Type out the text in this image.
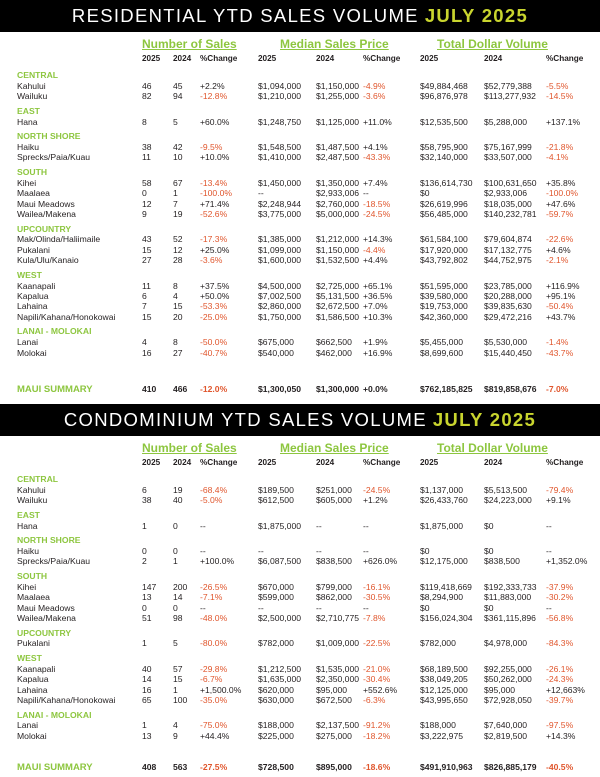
RESIDENTIAL YTD SALES VOLUME JULY 2025
Number of Sales	Median Sales Price	Total Dollar Volume
2025 2024 %Change	2025	2024	%Change 2025	2024	%Change
CENTRAL
Kahului	46 45 +2.2%	$1,094,000 $1,150,000 -4.9%	$49,884,468 $52,779,388 -5.5%
Wailuku	82 94 -12.8%	$1,210,000 $1,255,000 -3.6%	$96,876,978 $113,277,932 -14.5%
EAST
Hana	8	5	+60.0%	$1,248,750 $1,125,000 +11.0%	$12,535,500 $5,288,000 +137.1%
NORTH SHORE
Haiku	38 42 -9.5%	$1,548,500 $1,487,500 +4.1%	$58,795,900 $75,167,999 -21.8%
Sprecks/Paia/Kuau	11	10 +10.0%	$1,410,000 $2,487,500 -43.3%	$32,140,000 $33,507,000 -4.1%
SOUTH
Kihei	58 67 -13.4%	$1,450,000 $1,350,000 +7.4%	$136,614,730 $100,631,650 +35.8%
Maalaea	0	1	-100.0%	--	$2,933,006 --	$0	$2,933,006 -100.0%
Maui Meadows	12 7	+71.4%	$2,248,944 $2,760,000 -18.5%	$26,619,996 $18,035,000 +47.6%
Wailea/Makena	9	19 -52.6%	$3,775,000 $5,000,000 -24.5%	$56,485,000 $140,232,781 -59.7%
UPCOUNTRY
Mak/Olinda/Haliimaile	43 52 -17.3%	$1,385,000 $1,212,000 +14.3%	$61,584,100 $79,604,874 -22.6%
Pukalani	15 12 +25.0%	$1,099,000 $1,150,000 -4.4%	$17,920,000 $17,132,775 +4.6%
Kula/Ulu/Kanaio	27 28 -3.6%	$1,600,000 $1,532,500 +4.4%	$43,792,802 $44,752,975 -2.1%
WEST
Kaanapali	11	8	+37.5%	$4,500,000 $2,725,000 +65.1%	$51,595,000 $23,785,000 +116.9%
Kapalua	6	4	+50.0%	$7,002,500 $5,131,500 +36.5%	$39,580,000 $20,288,000 +95.1%
Lahaina	7	15 -53.3%	$2,860,000 $2,672,500 +7.0%	$19,753,000 $39,835,630 -50.4%
Napili/Kahana/Honokowai	15 20 -25.0%	$1,750,000 $1,586,500 +10.3%	$42,360,000 $29,472,216 +43.7%
LANAI - MOLOKAI
Lanai	4	8	-50.0%	$675,000	$662,500 +1.9%	$5,455,000 $5,530,000 -1.4%
Molokai	16 27 -40.7%	$540,000	$462,000 +16.9%	$8,699,600 $15,440,450 -43.7%
MAUI SUMMARY	410 466 -12.0%	$1,300,050 $1,300,000 +0.0%	$762,185,825 $819,858,676 -7.0%
CONDOMINIUM YTD SALES VOLUME JULY 2025
Number of Sales	Median Sales Price	Total Dollar Volume
2025 2024 %Change	2025	2024	%Change 2025	2024	%Change
CENTRAL
Kahului	6	19 -68.4%	$189,500	$251,000 -24.5%	$1,137,000 $5,513,500 -79.4%
Wailuku	38 40 -5.0%	$612,500	$605,000 +1.2%	$26,433,760 $24,223,000 +9.1%
EAST
Hana	1	0	--	$1,875,000 --	--	$1,875,000 $0	--
NORTH SHORE
Haiku	0	0	--	--	--	--	$0	$0	--
Sprecks/Paia/Kuau	2	1	+100.0%	$6,087,500 $838,500 +626.0%	$12,175,000 $838,500	+1,352.0%
SOUTH
Kihei	147 200 -26.5%	$670,000	$799,000 -16.1%	$119,418,669 $192,333,733 -37.9%
Maalaea	13 14 -7.1%	$599,000	$862,000 -30.5%	$8,294,900 $11,883,000 -30.2%
Maui Meadows	0	0	--	--	--	--	$0	$0	--
Wailea/Makena	51 98 -48.0%	$2,500,000 $2,710,775 -7.8%	$156,024,304 $361,115,896 -56.8%
UPCOUNTRY
Pukalani	1	5	-80.0%	$782,000	$1,009,000 -22.5%	$782,000	$4,978,000 -84.3%
WEST
Kaanapali	40 57 -29.8%	$1,212,500 $1,535,000 -21.0%	$68,189,500 $92,255,000 -26.1%
Kapalua	14 15 -6.7%	$1,635,000 $2,350,000 -30.4%	$38,049,205 $50,262,000 -24.3%
Lahaina	16 1	+1,500.0% $620,000	$95,000 +552.6%	$12,125,000 $95,000	+12,663%
Napili/Kahana/Honokowai	65 100 -35.0%	$630,000	$672,500 -6.3%	$43,995,650 $72,928,050 -39.7%
LANAI - MOLOKAI
Lanai	1	4	-75.0%	$188,000	$2,137,500 -91.2%	$188,000	$7,640,000 -97.5%
Molokai	13 9	+44.4%	$225,000	$275,000 -18.2%	$3,222,975 $2,819,500 +14.3%
MAUI SUMMARY	408 563 -27.5%	$728,500	$895,000 -18.6%	$491,910,963 $826,885,179 -40.5%
